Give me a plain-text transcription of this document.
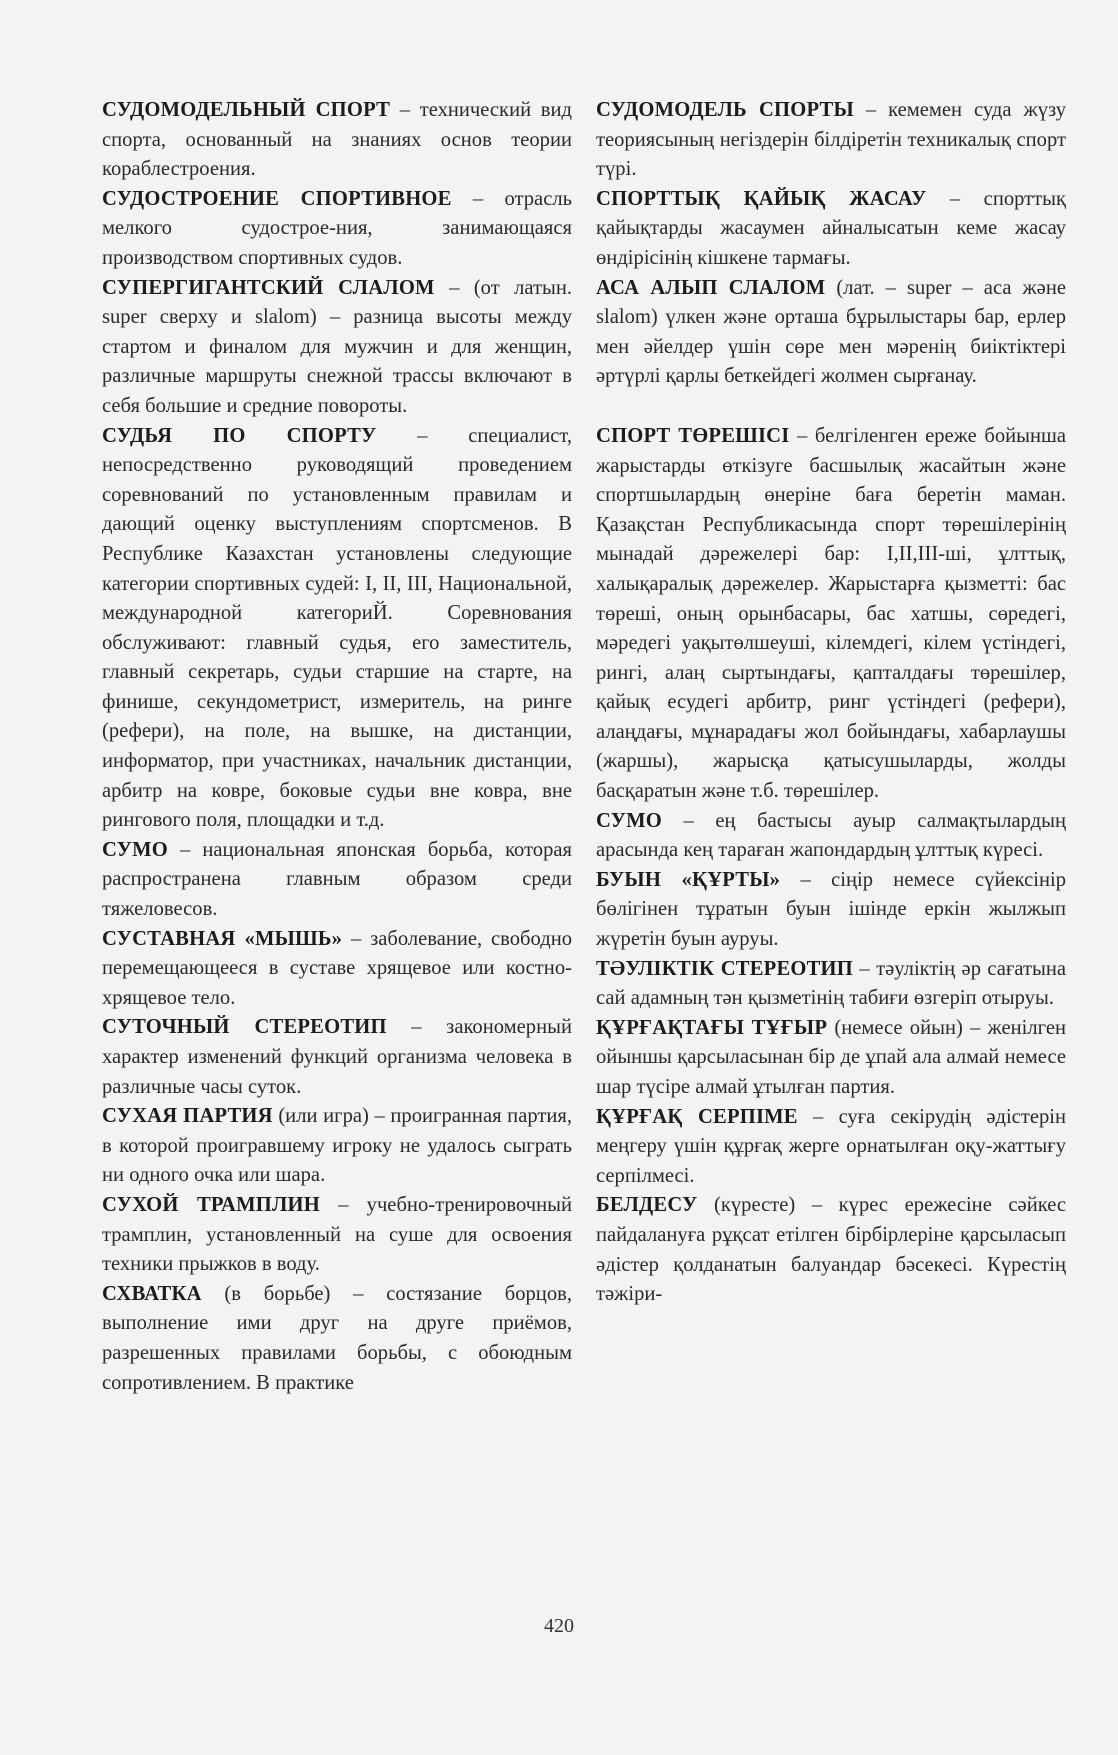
СУДОМОДЕЛЬНЫЙ СПОРТ – технический вид спорта, основанный на знаниях основ теории кораблестроения.

СУДОСТРОЕНИЕ СПОРТИВНОЕ – отрасль мелкого судострое-ния, занимающаяся производством спортивных судов.

СУПЕРГИГАНТСКИЙ СЛАЛОМ – (от латын. super сверху и slalom) – разница высоты между стартом и финалом для мужчин и для женщин, различные маршруты снежной трассы включают в себя большие и средние повороты.

СУДЬЯ ПО СПОРТУ – специалист, непосредственно руководящий проведением соревнований по установленным правилам и дающий оценку выступлениям спортсменов. В Республике Казахстан установлены следующие категории спортивных судей: I, II, III, Национальной, международной категориЙ. Соревнования обслуживают: главный судья, его заместитель, главный секретарь, судьи старшие на старте, на финише, секундометрист, измеритель, на ринге (рефери), на поле, на вышке, на дистанции, информатор, при участниках, начальник дистанции, арбитр на ковре, боковые судьи вне ковра, вне рингового поля, площадки и т.д.

СУМО – национальная японская борьба, которая распространена главным образом среди тяжеловесов.

СУСТАВНАЯ «МЫШЬ» – заболевание, свободно перемещающееся в суставе хрящевое или костно-хрящевое тело.

СУТОЧНЫЙ СТЕРЕОТИП – закономерный характер изменений функций организма человека в различные часы суток.

СУХАЯ ПАРТИЯ (или игра) – проигранная партия, в которой проигравшему игроку не удалось сыграть ни одного очка или шара.

СУХОЙ ТРАМПЛИН – учебно-тренировочный трамплин, установленный на суше для освоения техники прыжков в воду.

СХВАТКА (в борьбе) – состязание борцов, выполнение ими друг на друге приёмов, разрешенных правилами борьбы, с обоюдным сопротивлением. В практике

СУДОМОДЕЛЬ СПОРТЫ – кемемен суда жүзу теориясының негіздерін білдіретін техникалық спорт түрі.

СПОРТТЫҚ ҚАЙЫҚ ЖАСАУ – спорттық қайықтарды жасаумен айналысатын кеме жасау өндірісінің кішкене тармағы.

АСА АЛЫП СЛАЛОМ (лат. – super – аса және slalom) үлкен және орташа бұрылыстары бар, ерлер мен әйелдер үшін сөре мен мәренің биіктіктері әртүрлі қарлы беткейдегі жолмен сырғанау.

СПОРТ ТӨРЕШІСІ – белгіленген ереже бойынша жарыстарды өткізуге басшылық жасайтын және спортшылардың өнеріне баға беретін маман. Қазақстан Республикасында спорт төрешілерінің мынадай дәрежелері бар: I,II,III-ші, ұлттық, халықаралық дәрежелер. Жарыстарға қызметті: бас төреші, оның орынбасары, бас хатшы, сөредегі, мәредегі уақытөлшеуші, кілемдегі, кілем үстіндегі, рингі, алаң сыртындағы, қапталдағы төрешілер, қайық есудегі арбитр, ринг үстіндегі (рефери), алаңдағы, мұнарадағы жол бойындағы, хабарлаушы (жаршы), жарысқа қатысушыларды, жолды басқаратын және т.б. төрешілер.

СУМО – ең бастысы ауыр салмақтылардың арасында кең тараған жапондардың ұлттық күресі.

БУЫН «ҚҰРТЫ» – сіңір немесе сүйексінір бөлігінен тұратын буын ішінде еркін жылжып жүретін буын ауруы.

ТӘУЛІКТІК СТЕРЕОТИП – тәуліктің әр сағатына сай адамның тән қызметінің табиғи өзгеріп отыруы.

ҚҰРҒАҚТАҒЫ ТҰҒЫР (немесе ойын) – женілген ойыншы қарсыласынан бір де ұпай ала алмай немесе шар түсіре алмай ұтылған партия.

ҚҰРҒАҚ СЕРПІМЕ – суға секірудің әдістерін меңгеру үшін құрғақ жерге орнатылған оқу-жаттығу серпілмесі.

БЕЛДЕСУ (күресте) – күрес ережесіне сәйкес пайдалануға рұқсат етілген бірбірлеріне қарсыласып әдістер қолданатын балуандар бәсекесі. Күрестің тәжіри-

420
